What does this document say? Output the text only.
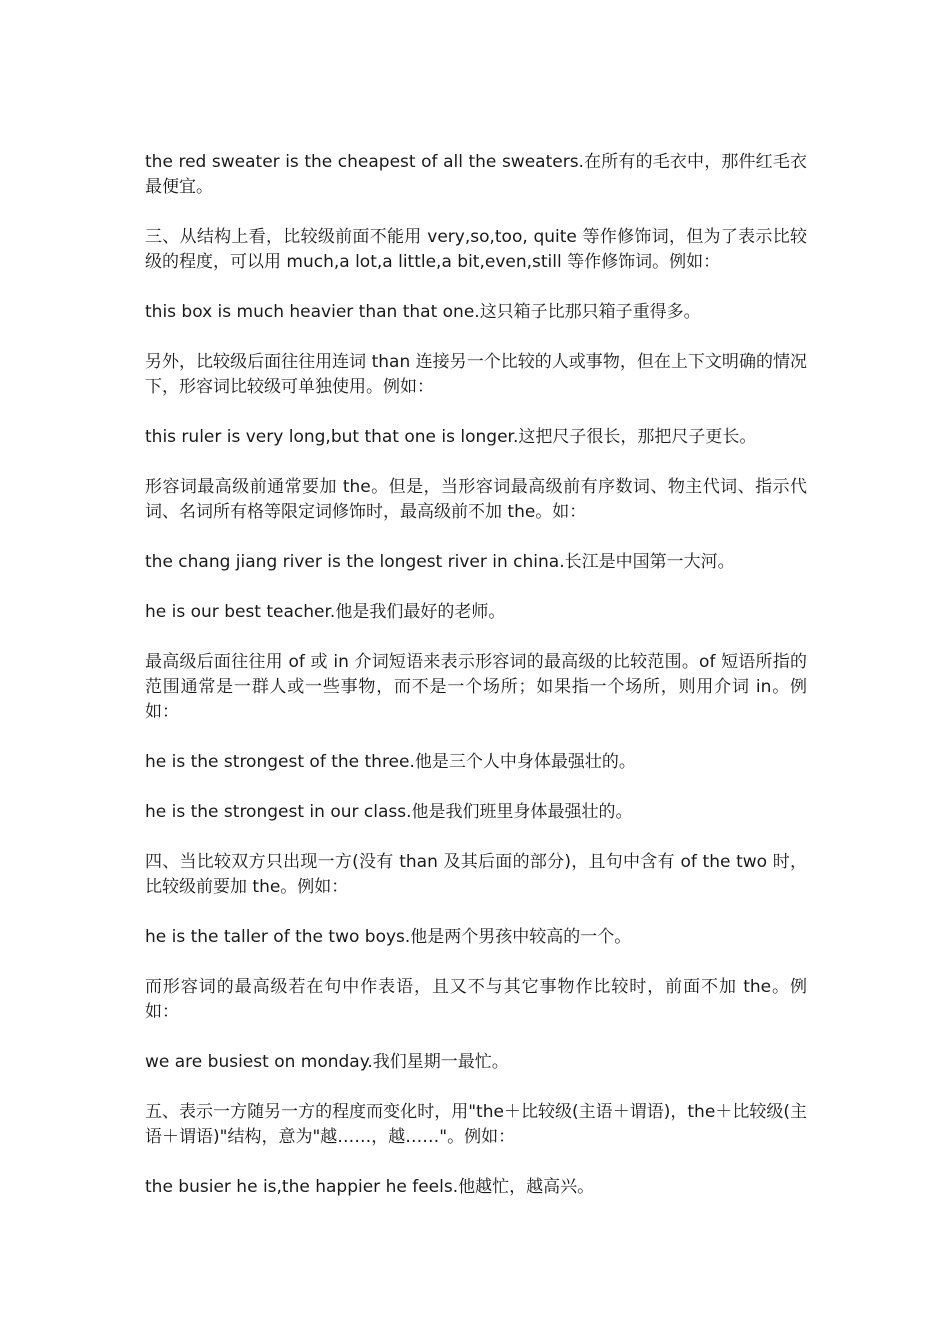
the red sweater is the cheapest of all the sweaters.在所有的毛衣中，那件红毛衣最便宜。

三、从结构上看，比较级前面不能用 very,so,too, quite 等作修饰词，但为了表示比较级的程度，可以用 much,a lot,a little,a bit,even,still 等作修饰词。例如：

this box is much heavier than that one.这只箱子比那只箱子重得多。

另外，比较级后面往往用连词 than 连接另一个比较的人或事物，但在上下文明确的情况下，形容词比较级可单独使用。例如：

this ruler is very long,but that one is longer.这把尺子很长，那把尺子更长。

形容词最高级前通常要加 the。但是，当形容词最高级前有序数词、物主代词、指示代词、名词所有格等限定词修饰时，最高级前不加 the。如：

the chang jiang river is the longest river in china.长江是中国第一大河。

he is our best teacher.他是我们最好的老师。

最高级后面往往用 of 或 in 介词短语来表示形容词的最高级的比较范围。of 短语所指的范围通常是一群人或一些事物，而不是一个场所；如果指一个场所，则用介词 in。例如：

he is the strongest of the three.他是三个人中身体最强壮的。

he is the strongest in our class.他是我们班里身体最强壮的。

四、当比较双方只出现一方(没有 than 及其后面的部分)，且句中含有 of the two 时，比较级前要加 the。例如：

he is the taller of the two boys.他是两个男孩中较高的一个。

而形容词的最高级若在句中作表语，且又不与其它事物作比较时，前面不加 the。例如：

we are busiest on monday.我们星期一最忙。

五、表示一方随另一方的程度而变化时，用"the＋比较级(主语＋谓语)，the＋比较级(主语＋谓语)"结构，意为"越……，越……"。例如：

the busier he is,the happier he feels.他越忙，越高兴。
